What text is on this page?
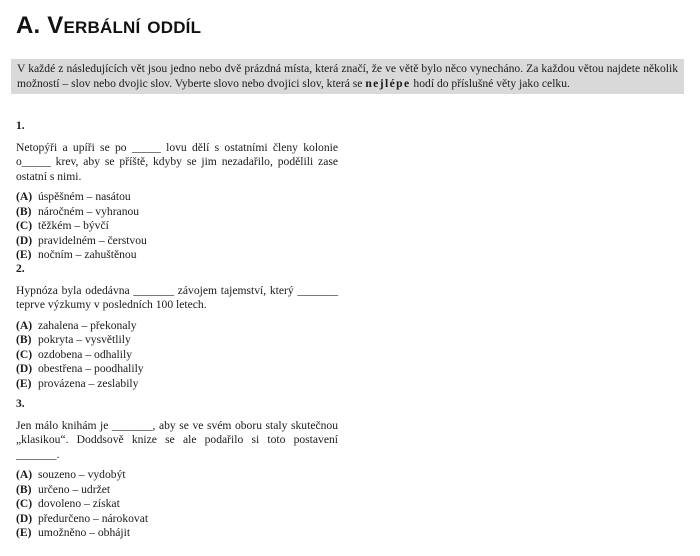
A. Verbální oddíl
V každé z následujících vět jsou jedno nebo dvě prázdná místa, která značí, že ve větě bylo něco vynecháno. Za každou větou najdete několik možností – slov nebo dvojic slov. Vyberte slovo nebo dvojici slov, která se nejlépe hodí do příslušné věty jako celku.
1.
Netopýři a upíři se po _____ lovu dělí s ostatními členy kolonie o_____ krev, aby se příště, kdyby se jim nezadařilo, podělili zase ostatní s nimi.
(A) úspěšném – nasátou
(B) náročném – vyhranou
(C) těžkém – bývčí
(D) pravidelném – čerstvou
(E) nočním – zahuštěnou
2.
Hypnóza byla odedávna _______ závojem tajemství, který _______ teprve výzkumy v posledních 100 letech.
(A) zahalena – překonaly
(B) pokryta – vysvětlily
(C) ozdobena – odhalily
(D) obestřena – poodhalily
(E) provázena – zeslabily
3.
Jen málo knihám je _______, aby se ve svém oboru staly skutečnou „klasikou“. Doddsově knize se ale podařilo si toto postavení _______.
(A) souzeno – vydobýt
(B) určeno – udržet
(C) dovoleno – získat
(D) předurčeno – nárokovat
(E) umožněno – obhájit
